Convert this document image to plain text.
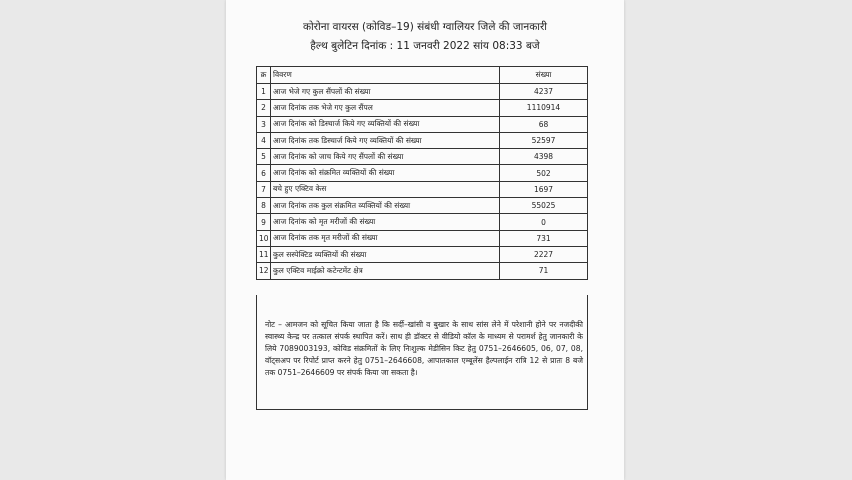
कोरोना वायरस (कोविड–19) संबंधी ग्वालियर जिले की जानकारी
हैल्थ बुलेटिन दिनांक : 11 जनवरी 2022 सांय 08:33 बजे
क्र	विवरण	संख्या
1	आज भेजे गए कुल सैंपलों की संख्या	4237
2	आज दिनांक तक भेजे गए कुल सैंपल	1110914
3	आज दिनांक को डिस्चार्ज किये गए व्यक्तियों की संख्या	68
4	आज दिनांक तक डिस्चार्ज किये गए व्यक्तियों की संख्या	52597
5	आज दिनांक को जाच किये गए सैंपलों की संख्या	4398
6	आज दिनांक को संक्रमित व्यक्तियों की संख्या	502
7	बचे हुए एक्टिव केस	1697
8	आज दिनांक तक कुल संक्रमित व्यक्तियों की संख्या	55025
9	आज दिनांक को मृत मरीजों की संख्या	0
10	आज दिनांक तक मृत मरीजों की संख्या	731
11	कुल सस्पेक्टिड व्यक्तियों की संख्या	2227
12	कुल एक्टिव माईक्रो कटेन्टमेंट क्षेत्र	71
नोट – आमजन को सूचित किया जाता है कि सर्दी–खांसी व बुखार के साथ सांस लेने में परेशानी होने पर नजदीकी स्वास्थ्य केन्द्र पर तत्काल संपर्क स्थापित करें। साथ ही डॉक्टर से वीडियो कॉल के माध्यम से परामर्श हेतु जानकारी के लिये 7089003193, कोविड संक्रमितों के लिए निःशुल्क मेडीसिन किट हेतु 0751–2646605, 06, 07, 08, वॉट्सअप पर रिपोर्ट प्राप्त करने हेतु 0751–2646608, आपातकाल एम्बूलेंस हैल्पलाईन रात्रि 12 से प्रातः 8 बजे तक 0751–2646609 पर संपर्क किया जा सकता है।
